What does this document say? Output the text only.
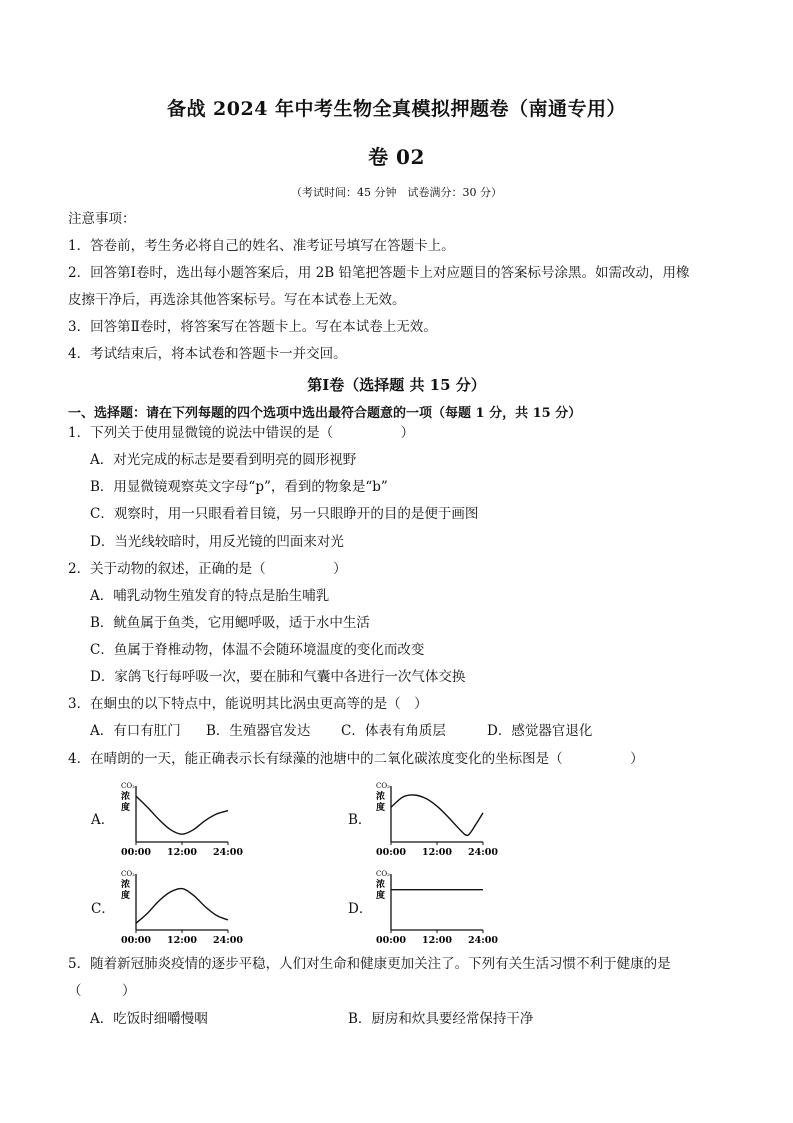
备战 2024 年中考生物全真模拟押题卷（南通专用）
卷 02
（考试时间：45 分钟　试卷满分：30 分）
注意事项：
1．答卷前，考生务必将自己的姓名、准考证号填写在答题卡上。
2．回答第Ⅰ卷时，选出每小题答案后，用 2B 铅笔把答题卡上对应题目的答案标号涂黑。如需改动，用橡
皮擦干净后，再选涂其他答案标号。写在本试卷上无效。
3．回答第Ⅱ卷时，将答案写在答题卡上。写在本试卷上无效。
4．考试结束后，将本试卷和答题卡一并交回。
第Ⅰ卷（选择题 共 15 分）
一、选择题：请在下列每题的四个选项中选出最符合题意的一项（每题 1 分，共 15 分）
1．下列关于使用显微镜的说法中错误的是（　　　　　）
A．对光完成的标志是要看到明亮的圆形视野
B．用显微镜观察英文字母“p”，看到的物象是“b”
C．观察时，用一只眼看着目镜，另一只眼睁开的目的是便于画图
D．当光线较暗时，用反光镜的凹面来对光
2．关于动物的叙述，正确的是（　　　　　）
A．哺乳动物生殖发育的特点是胎生哺乳
B．鱿鱼属于鱼类，它用鳃呼吸，适于水中生活
C．鱼属于脊椎动物，体温不会随环境温度的变化而改变
D．家鸽飞行每呼吸一次，要在肺和气囊中各进行一次气体交换
3．在蛔虫的以下特点中，能说明其比涡虫更高等的是（　）
A．有口有肛门 B．生殖器官发达 C．体表有角质层	D．感觉器官退化
4．在晴朗的一天，能正确表示长有绿藻的池塘中的二氧化碳浓度变化的坐标图是（　　　　　）
A．	B．
C．	D．
CO₂
浓
度
00:00 12:00 24:00
CO₂
浓
度
00:00 12:00 24:00
CO₂
浓
度
00:00 12:00 24:00
CO₂
浓
度
00:00 12:00 24:00
5．随着新冠肺炎疫情的逐步平稳，人们对生命和健康更加关注了。下列有关生活习惯不利于健康的是
（　　　）
A．吃饭时细嚼慢咽	B．厨房和炊具要经常保持干净
